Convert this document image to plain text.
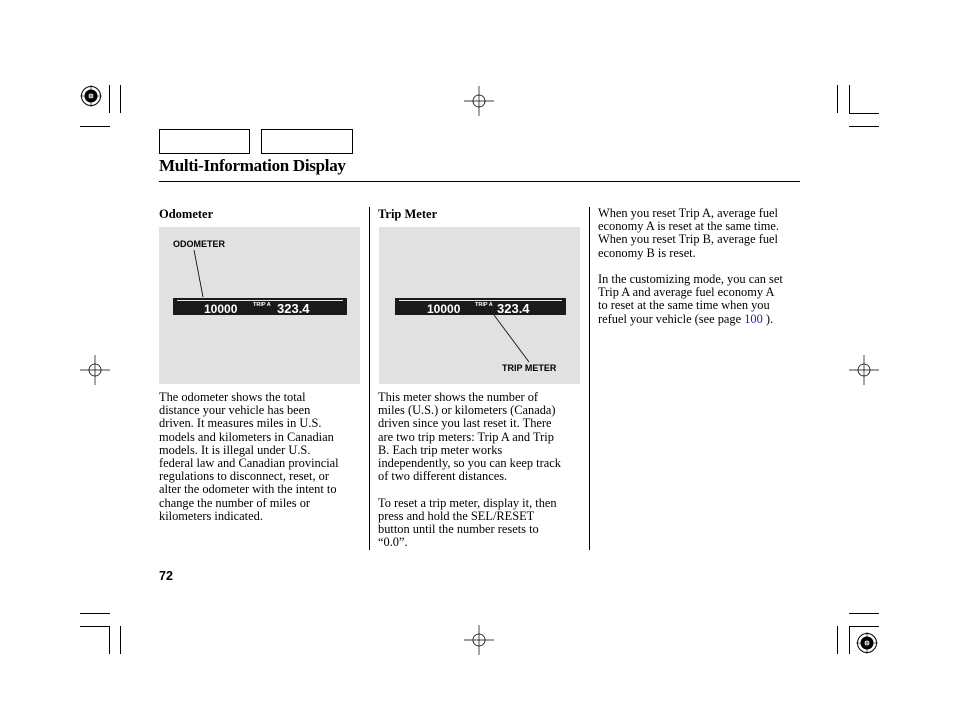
Multi-Information Display
Odometer
ODOMETER
10000	TRIP A 323.4

The odometer shows the total
distance your vehicle has been
driven. It measures miles in U.S.
models and kilometers in Canadian
models. It is illegal under U.S.
federal law and Canadian provincial
regulations to disconnect, reset, or
alter the odometer with the intent to
change the number of miles or
kilometers indicated.

Trip Meter
10000	TRIP A 323.4
TRIP METER

This meter shows the number of
miles (U.S.) or kilometers (Canada)
driven since you last reset it. There
are two trip meters: Trip A and Trip
B. Each trip meter works
independently, so you can keep track
of two different distances.

To reset a trip meter, display it, then
press and hold the SEL/RESET
button until the number resets to
“0.0”.

When you reset Trip A, average fuel
economy A is reset at the same time.
When you reset Trip B, average fuel
economy B is reset.

In the customizing mode, you can set
Trip A and average fuel economy A
to reset at the same time when you
refuel your vehicle (see page 100 ).

72
